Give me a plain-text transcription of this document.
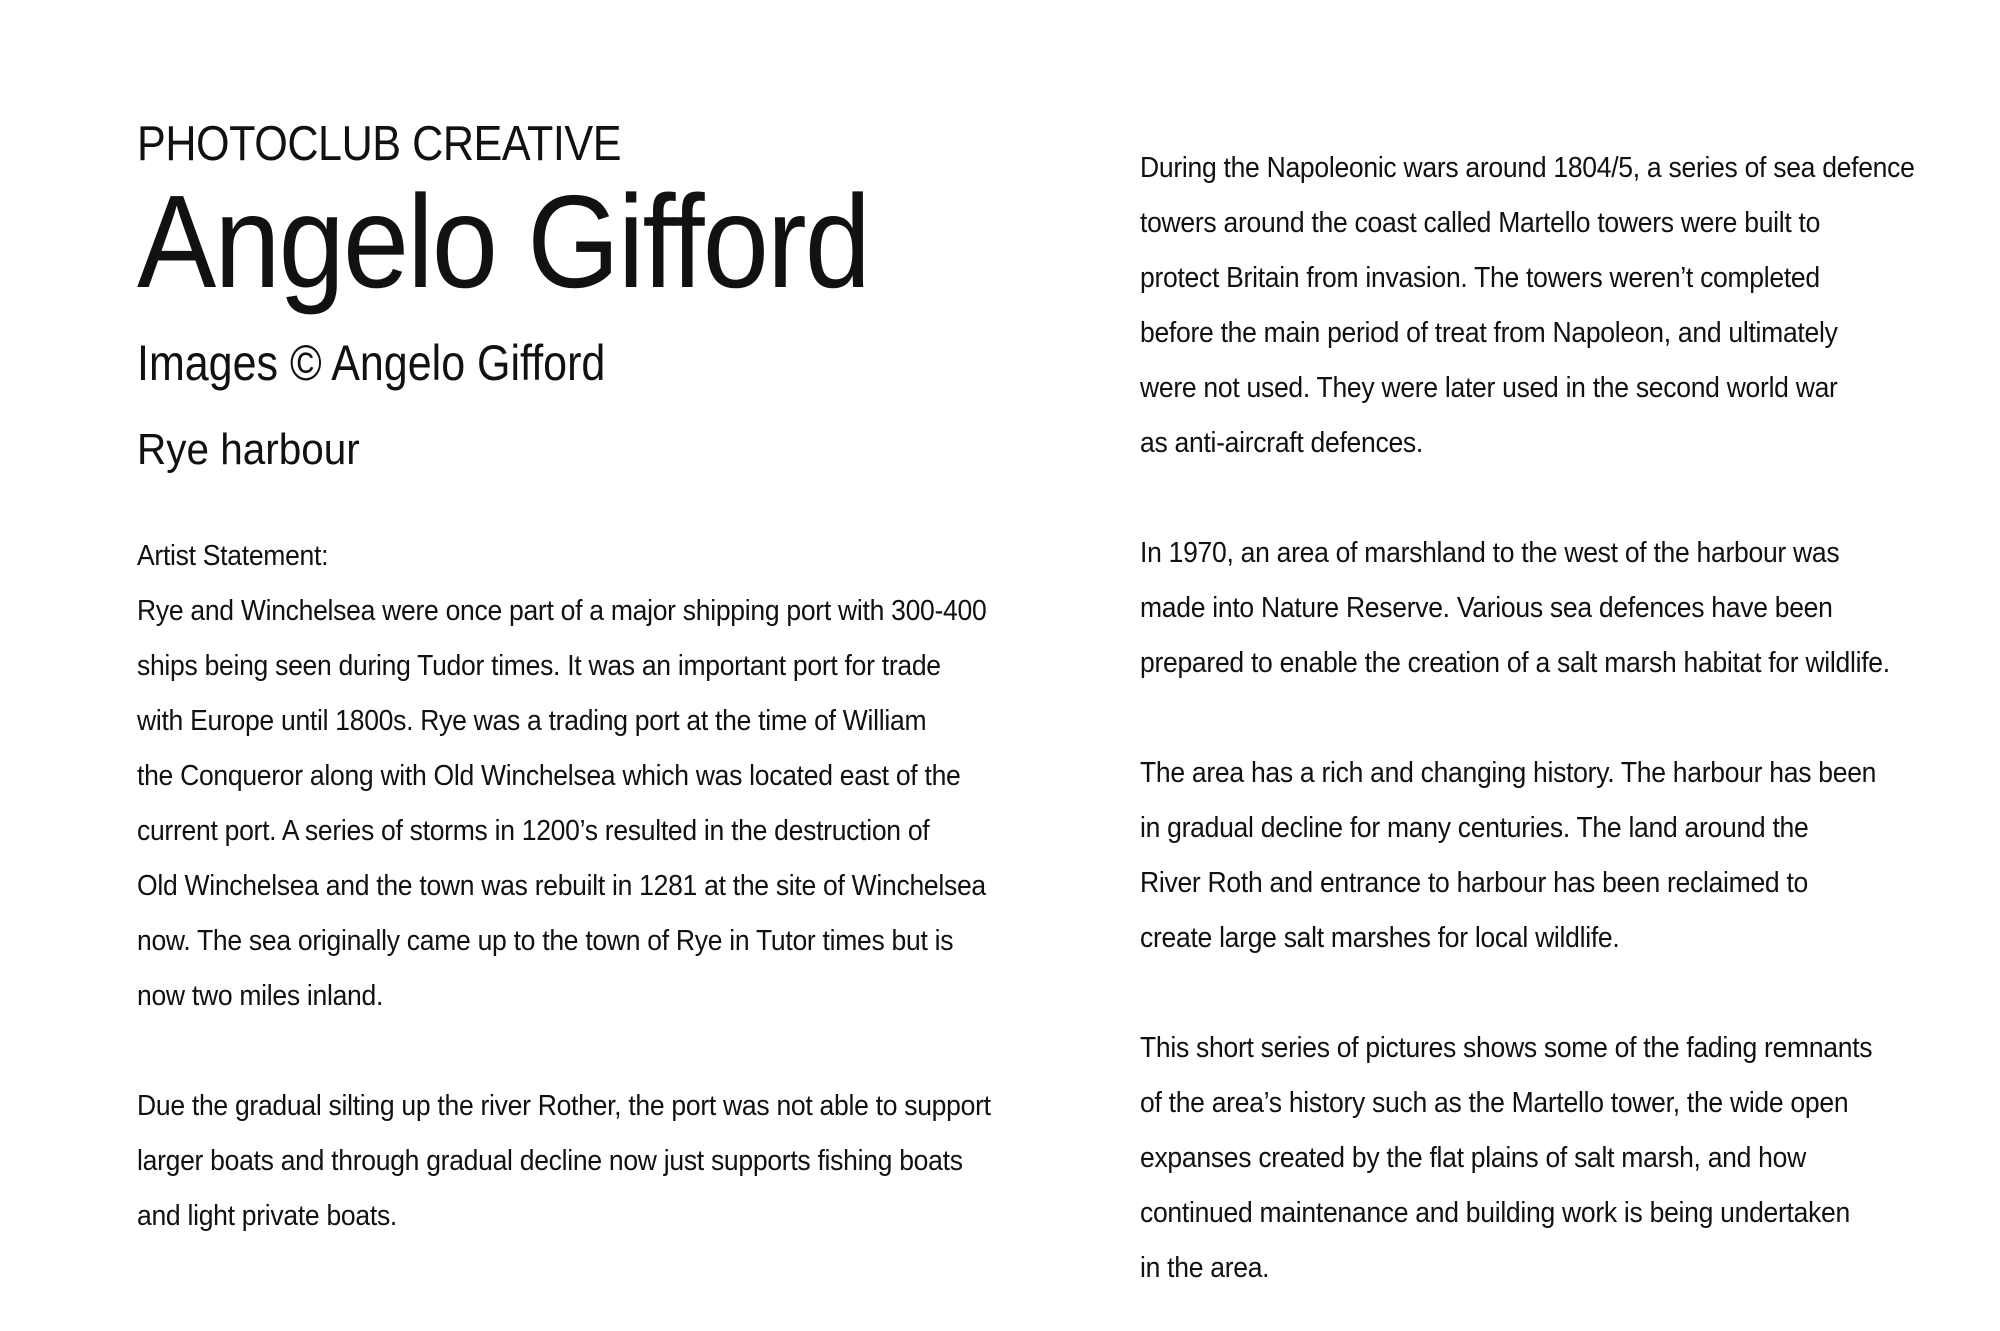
PHOTOCLUB CREATIVE
Angelo Gifford
Images © Angelo Gifford
Rye harbour
Artist Statement:
Rye and Winchelsea were once part of a major shipping port with 300-400
ships being seen during Tudor times. It was an important port for trade
with Europe until 1800s. Rye was a trading port at the time of William
the Conqueror along with Old Winchelsea which was located east of the
current port. A series of storms in 1200’s resulted in the destruction of
Old Winchelsea and the town was rebuilt in 1281 at the site of Winchelsea
now. The sea originally came up to the town of Rye in Tutor times but is
now two miles inland.
Due the gradual silting up the river Rother, the port was not able to support
larger boats and through gradual decline now just supports fishing boats
and light private boats.
During the Napoleonic wars around 1804/5, a series of sea defence
towers around the coast called Martello towers were built to
protect Britain from invasion. The towers weren’t completed
before the main period of treat from Napoleon, and ultimately
were not used. They were later used in the second world war
as anti-aircraft defences.
In 1970, an area of marshland to the west of the harbour was
made into Nature Reserve. Various sea defences have been
prepared to enable the creation of a salt marsh habitat for wildlife.
The area has a rich and changing history. The harbour has been
in gradual decline for many centuries. The land around the
River Roth and entrance to harbour has been reclaimed to
create large salt marshes for local wildlife.
This short series of pictures shows some of the fading remnants
of the area’s history such as the Martello tower, the wide open
expanses created by the flat plains of salt marsh, and how
continued maintenance and building work is being undertaken
in the area.
